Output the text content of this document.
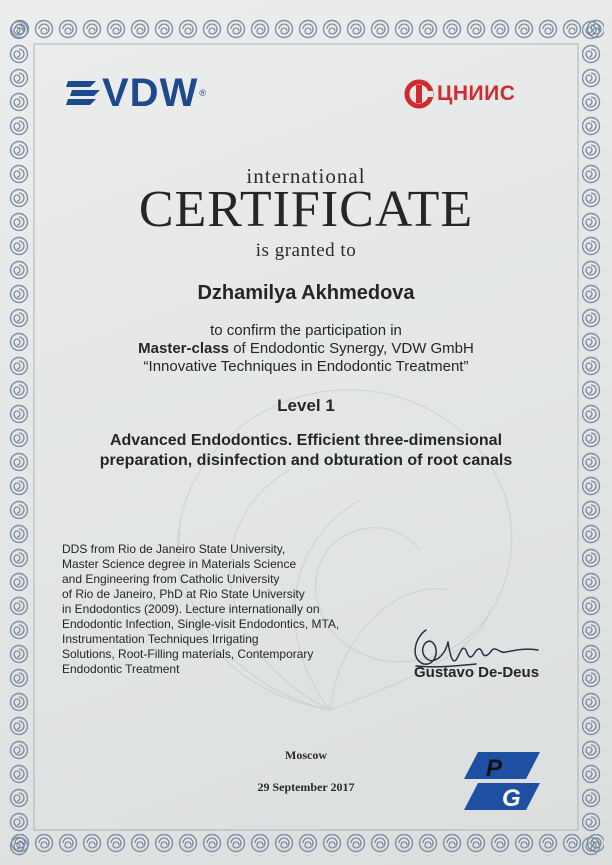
VDW ®	ЦНИИС
international
CERTIFICATE
is granted to
Dzhamilya Akhmedova
to confirm the participation in
Master-class of Endodontic Synergy, VDW GmbH
“Innovative Techniques in Endodontic Treatment”
Level 1
Advanced Endodontics. Efficient three-dimensional
preparation, disinfection and obturation of root canals
DDS from Rio de Janeiro State University,
Master Science degree in Materials Science
and Engineering from Catholic University
of Rio de Janeiro, PhD at Rio State University
in Endodontics (2009). Lecture internationally on
Endodontic Infection, Single-visit Endodontics, MTA,
Instrumentation Techniques Irrigating
Solutions, Root-Filling materials, Contemporary
Endodontic Treatment	Gustavo De-Deus
Moscow
29 September 2017
P
G
